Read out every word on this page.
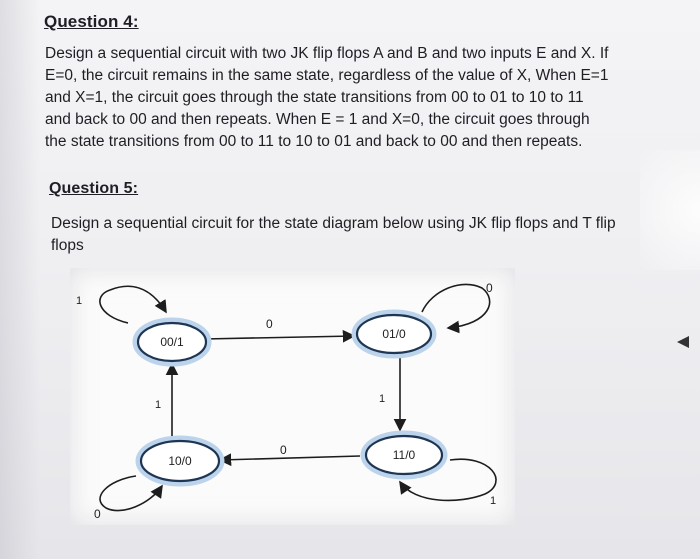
Question 4:
Design a sequential circuit with two JK flip flops A and B and two inputs E and X. If
E=0, the circuit remains in the same state, regardless of the value of X, When E=1
and X=1, the circuit goes through the state transitions from 00 to 01 to 10 to 11
and back to 00 and then repeats. When E = 1 and X=0, the circuit goes through
the state transitions from 00 to 11 to 10 to 01 and back to 00 and then repeats.
Question 5:
Design a sequential circuit for the state diagram below using JK flip flops and T flip
flops
1
0
0
1
0
1	1
0
00/1
01/0
10/0	11/0
